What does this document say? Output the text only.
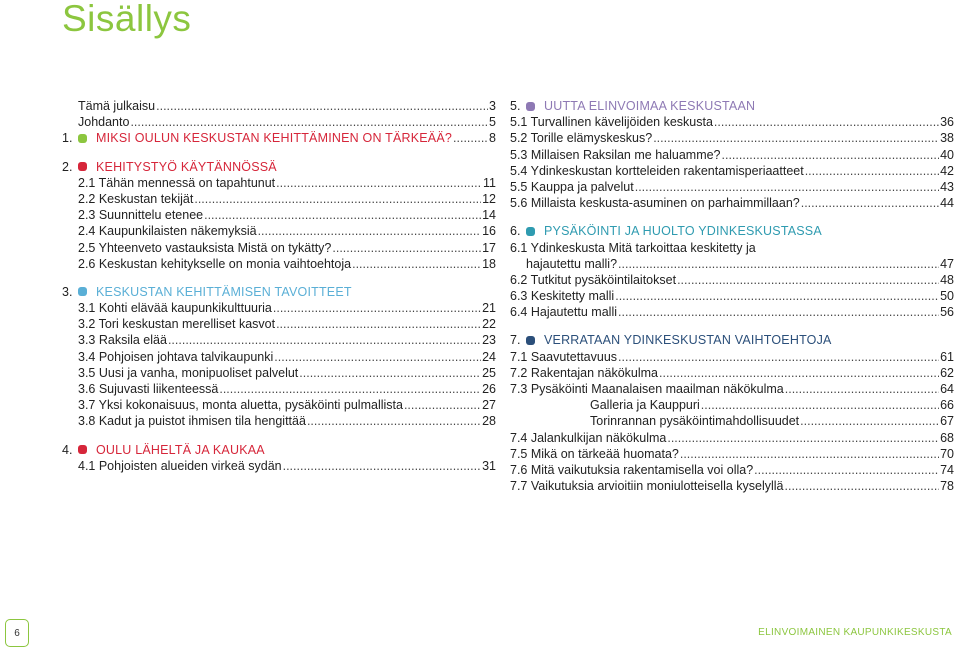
Sisällys
Tämä julkaisu .....	3
Johdanto .....	5
1.	MIKSI OULUN KESKUSTAN KEHITTÄMINEN ON TÄRKEÄÄ? .....	8
2.	KEHITYSTYÖ KÄYTÄNNÖSSÄ
2.1 Tähän mennessä on tapahtunut .....	11
2.2 Keskustan tekijät .....	12
2.3 Suunnittelu etenee .....	14
2.4 Kaupunkilaisten näkemyksiä .....	16
2.5 Yhteenveto vastauksista Mistä on tykätty? .....	17
2.6 Keskustan kehitykselle on monia vaihtoehtoja .....	18
3.	KESKUSTAN KEHITTÄMISEN TAVOITTEET
3.1 Kohti elävää kaupunkikulttuuria .....	21
3.2 Tori keskustan merelliset kasvot .....	22
3.3 Raksila elää .....	23
3.4 Pohjoisen johtava talvikaupunki .....	24
3.5 Uusi ja vanha, monipuoliset palvelut .....	25
3.6 Sujuvasti liikenteessä .....	26
3.7 Yksi kokonaisuus, monta aluetta, pysäköinti pulmallista .....	27
3.8 Kadut ja puistot ihmisen tila hengittää .....	28
4.	OULU LÄHELTÄ JA KAUKAA
4.1 Pohjoisten alueiden virkeä sydän .....	31
5.	UUTTA ELINVOIMAA KESKUSTAAN
5.1 Turvallinen kävelijöiden keskusta .....	36
5.2 Torille elämyskeskus? .....	38
5.3 Millaisen Raksilan me haluamme? .....	40
5.4 Ydinkeskustan kortteleiden rakentamisperiaatteet .....	42
5.5 Kauppa ja palvelut .....	43
5.6 Millaista keskusta-asuminen on parhaimmillaan? .....	44
6.	PYSÄKÖINTI JA HUOLTO YDINKESKUSTASSA
6.1 Ydinkeskusta Mitä tarkoittaa keskitetty ja
hajautettu malli? .....	47
6.2 Tutkitut pysäköintilaitokset .....	48
6.3 Keskitetty malli .....	50
6.4 Hajautettu malli .....	56
7.	VERRATAAN YDINKESKUSTAN VAIHTOEHTOJA
7.1 Saavutettavuus .....	61
7.2 Rakentajan näkökulma .....	62
7.3 Pysäköinti Maanalaisen maailman näkökulma .....	64
Galleria ja Kauppuri .....	66
Torinrannan pysäköintimahdollisuudet .....	67
7.4 Jalankulkijan näkökulma .....	68
7.5 Mikä on tärkeää huomata? .....	70
7.6 Mitä vaikutuksia rakentamisella voi olla? .....	74
7.7 Vaikutuksia arvioitiin moniulotteisella kyselyllä .....	78
6	ELINVOIMAINEN KAUPUNKIKESKUSTA
